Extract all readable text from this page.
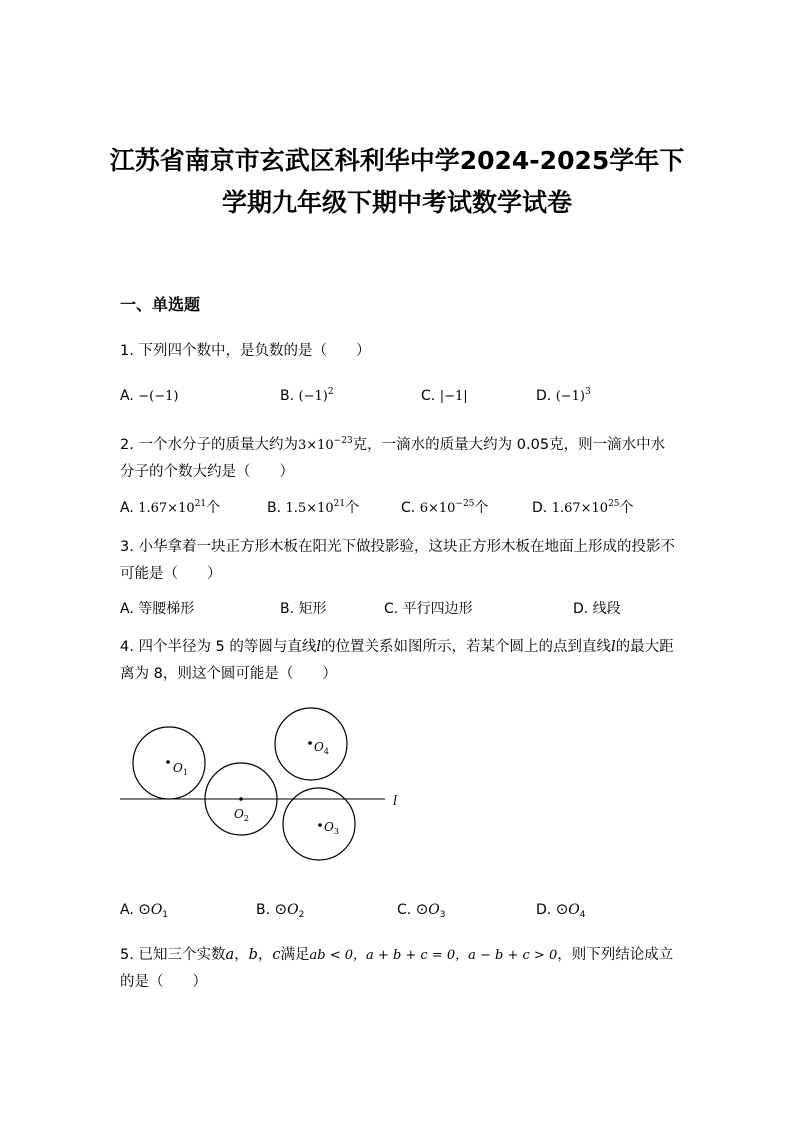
江苏省南京市玄武区科利华中学2024-2025学年下
学期九年级下期中考试数学试卷
一、单选题
1. 下列四个数中，是负数的是（　　）
A. −(−1)	B. $(-1)^2$	C. |−1|	D. $(-1)^3$
2. 一个水分子的质量大约为$3\times 10^{-23}$克，一滴水的质量大约为 0.05克，则一滴水中水分子的个数大约是（　　）
A. $1.67\times 10^{21}$个	B. $1.5\times 10^{21}$个	C. $6\times 10^{-25}$个	D. $1.67\times 10^{25}$个
3. 小华拿着一块正方形木板在阳光下做投影验，这块正方形木板在地面上形成的投影不可能是（　　）
A. 等腰梯形	B. 矩形	C. 平行四边形	D. 线段
4. 四个半径为 5 的等圆与直线l的位置关系如图所示，若某个圆上的点到直线l的最大距离为 8，则这个圆可能是（　　）
l
$O_1$
$O_2$
$O_3$
$O_4$
A. $⊙O_1$	B. $⊙O_2$	C. $⊙O_3$	D. $⊙O_4$
5. 已知三个实数a，b，c满足ab < 0，a + b + c = 0，a − b + c > 0，则下列结论成立的是（　　）
